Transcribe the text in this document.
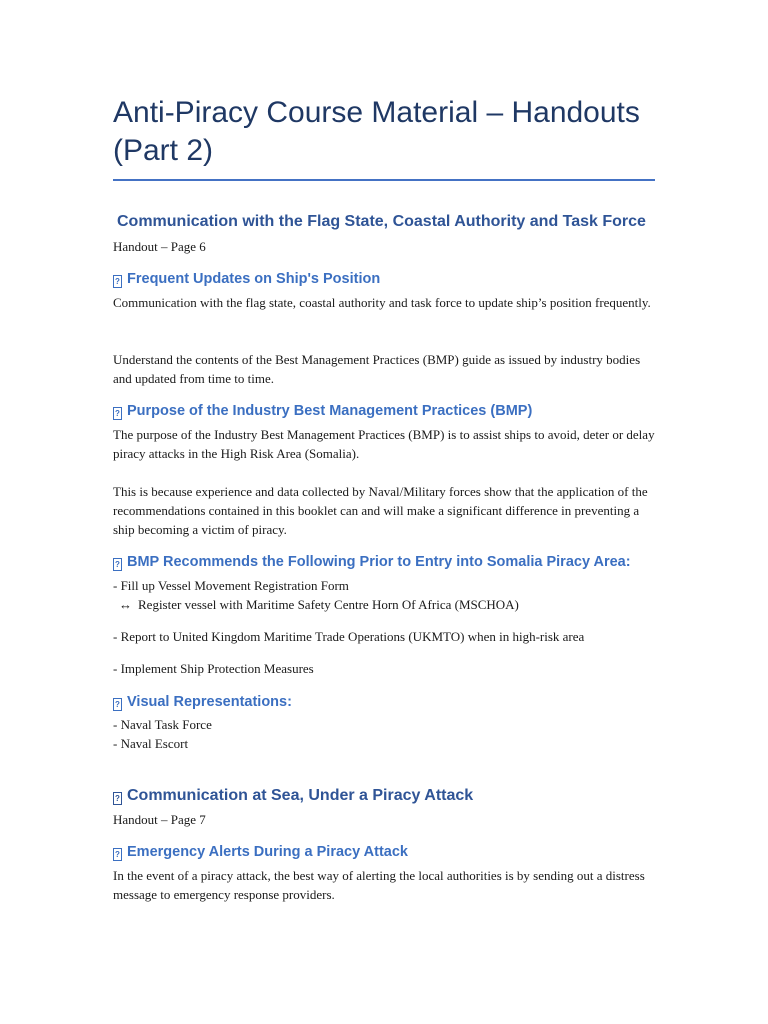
Anti-Piracy Course Material – Handouts (Part 2)
Communication with the Flag State, Coastal Authority and Task Force

Handout – Page 6

? Frequent Updates on Ship's Position

Communication with the flag state, coastal authority and task force to update ship’s position frequently.

Understand the contents of the Best Management Practices (BMP) guide as issued by industry bodies and updated from time to time.

? Purpose of the Industry Best Management Practices (BMP)

The purpose of the Industry Best Management Practices (BMP) is to assist ships to avoid, deter or delay piracy attacks in the High Risk Area (Somalia).

This is because experience and data collected by Naval/Military forces show that the application of the recommendations contained in this booklet can and will make a significant difference in preventing a ship becoming a victim of piracy.

? BMP Recommends the Following Prior to Entry into Somalia Piracy Area:

- Fill up Vessel Movement Registration Form

↔ Register vessel with Maritime Safety Centre Horn Of Africa (MSCHOA)

- Report to United Kingdom Maritime Trade Operations (UKMTO) when in high-risk area

- Implement Ship Protection Measures

? Visual Representations:

- Naval Task Force

- Naval Escort

? Communication at Sea, Under a Piracy Attack

Handout – Page 7

? Emergency Alerts During a Piracy Attack

In the event of a piracy attack, the best way of alerting the local authorities is by sending out a distress message to emergency response providers.
